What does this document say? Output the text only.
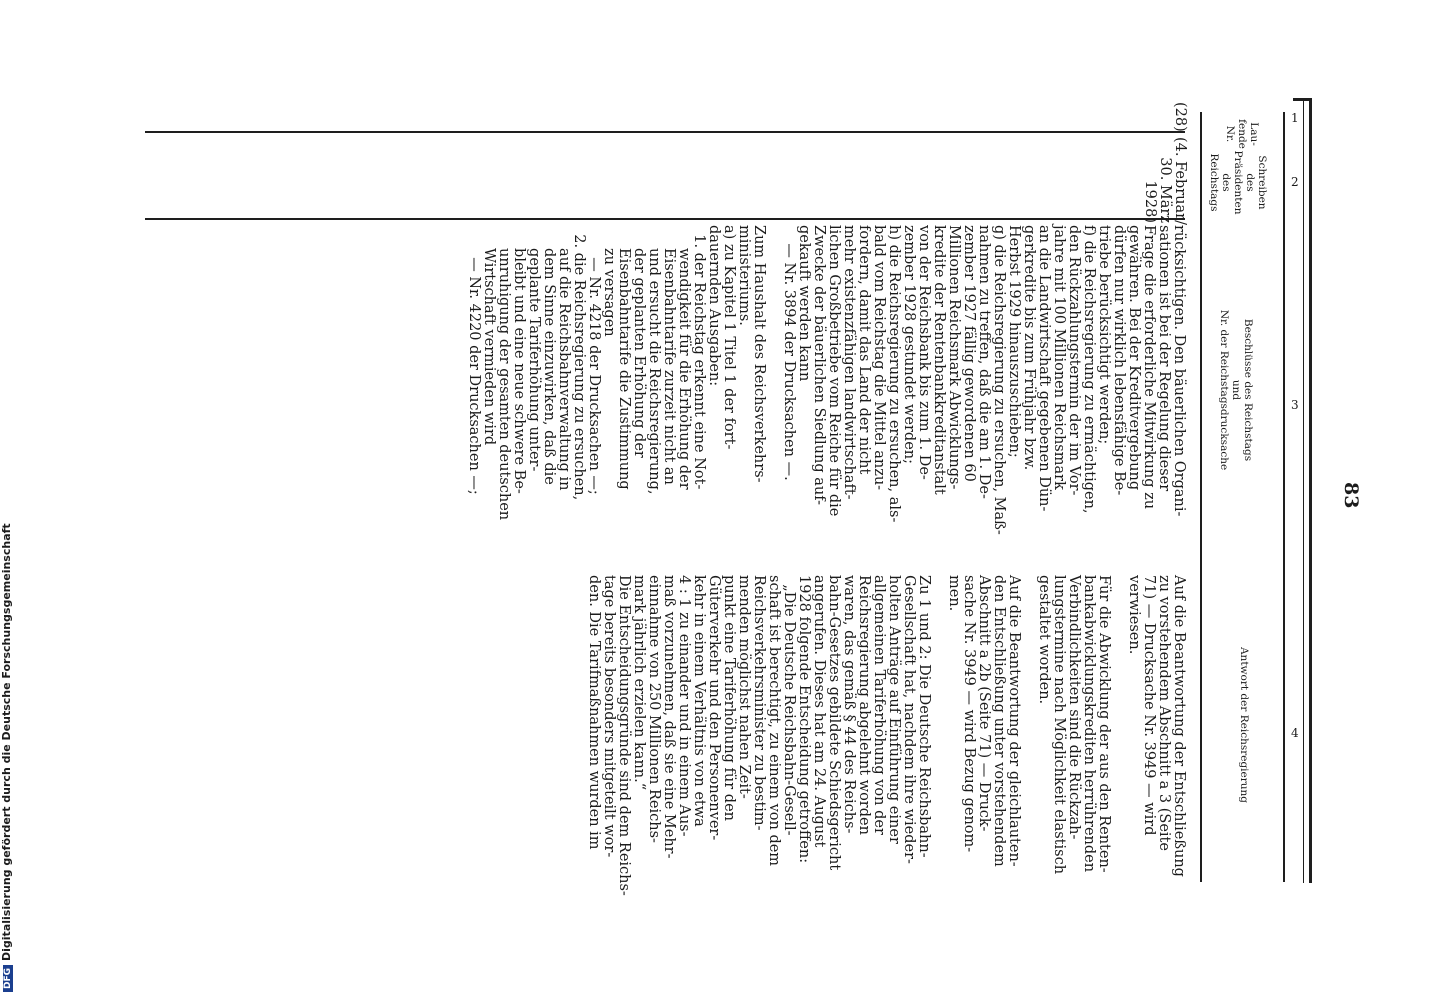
83
1
2
3
4
Lau-
fende
Nr.
Schreiben
des
Präsidenten
des
Reichstags
Beschlüsse des Reichstags
und
Nr. der Reichstagsdrucksache
Antwort der Reichsregierung
(28)
(4. Februar/
30. März
1928)
rücksichtigen. Den bäuerlichen Organi-
sationen ist bei der Regelung dieser
Frage die erforderliche Mitwirkung zu
gewähren. Bei der Kreditvergebung
dürfen nur wirklich lebensfähige Be-
triebe berücksichtigt werden;
f) die Reichsregierung zu ermächtigen,
den Rückzahlungstermin der im Vor-
jahre mit 100 Millionen Reichsmark
an die Landwirtschaft gegebenen Dün-
gerkredite bis zum Frühjahr bzw.
Herbst 1929 hinauszuschieben;
g) die Reichsregierung zu ersuchen, Maß-
nahmen zu treffen, daß die am 1. De-
zember 1927 fällig gewordenen 60
Millionen Reichsmark Abwicklungs-
kredite der Rentenbankkreditanstalt
von der Reichsbank bis zum 1. De-
zember 1928 gestundet werden;
h) die Reichsregierung zu ersuchen, als-
bald vom Reichstag die Mittel anzu-
fordern, damit das Land der nicht
mehr existenzfähigen landwirtschaft-
lichen Großbetriebe vom Reiche für die
Zwecke der bäuerlichen Siedlung auf-
gekauft werden kann
— Nr. 3894 der Drucksachen —.

Zum Haushalt des Reichsverkehrs-
ministeriums.
a) zu Kapitel 1 Titel 1 der fort-
dauernden Ausgaben:
1. der Reichstag erkennt eine Not-
wendigkeit für die Erhöhung der
Eisenbahntarife zurzeit nicht an
und ersucht die Reichsregierung,
der geplanten Erhöhung der
Eisenbahntarife die Zustimmung
zu versagen
— Nr. 4218 der Drucksachen —;
2. die Reichsregierung zu ersuchen,
auf die Reichsbahnverwaltung in
dem Sinne einzuwirken, daß die
geplante Tariferhöhung unter-
bleibt und eine neue schwere Be-
unruhigung der gesamten deutschen
Wirtschaft vermieden wird
— Nr. 4220 der Drucksachen —;
Auf die Beantwortung der Entschließung
zu vorstehendem Abschnitt a 3 (Seite
71) — Drucksache Nr. 3949 — wird
verwiesen.

Für die Abwicklung der aus den Renten-
bankabwicklungskrediten herrührenden
Verbindlichkeiten sind die Rückzah-
lungstermine nach Möglichkeit elastisch
gestaltet worden.

Auf die Beantwortung der gleichlauten-
den Entschließung unter vorstehendem
Abschnitt a 2b (Seite 71) — Druck-
sache Nr. 3949 — wird Bezug genom-
men.

Zu 1 und 2: Die Deutsche Reichsbahn-
Gesellschaft hat, nachdem ihre wieder-
holten Anträge auf Einführung einer
allgemeinen Tariferhöhung von der
Reichsregierung abgelehnt worden
waren, das gemäß § 44 des Reichs-
bahn-Gesetzes gebildete Schiedsgericht
angerufen. Dieses hat am 24. August
1928 folgende Entscheidung getroffen:
„Die Deutsche Reichsbahn-Gesell-
schaft ist berechtigt, zu einem von dem
Reichsverkehrsminister zu bestim-
menden möglichst nahen Zeit-
punkt eine Tariferhöhung für den
Güterverkehr und den Personenver-
kehr in einem Verhältnis von etwa
4 : 1 zu einander und in einem Aus-
maß vorzunehmen, daß sie eine Mehr-
einnahme von 250 Millionen Reichs-
mark jährlich erzielen kann.“
Die Entscheidungsgründe sind dem Reichs-
tage bereits besonders mitgeteilt wor-
den. Die Tarifmaßnahmen wurden im
DFGDigitalisierung gefördert durch die Deutsche Forschungsgemeinschaft
